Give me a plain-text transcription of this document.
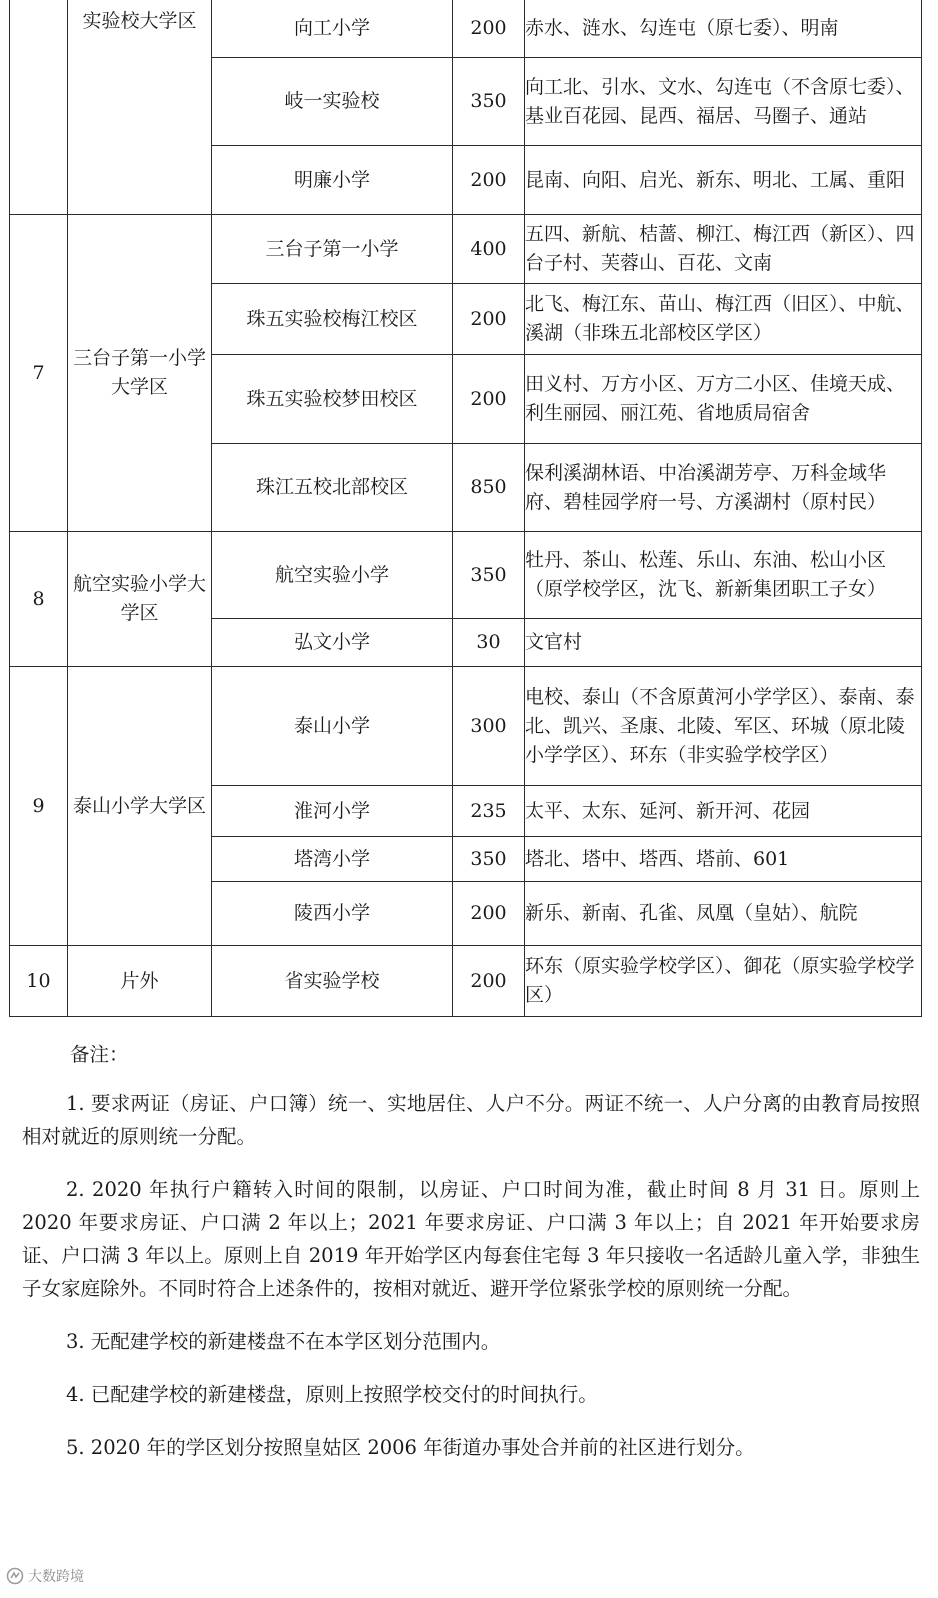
	实验校大学区	向工小学	200	赤水、涟水、勾连屯（原七委）、明南
		岐一实验校	350	向工北、引水、文水、勾连屯（不含原七委）、基业百花园、昆西、福居、马圈子、通站
		明廉小学	200	昆南、向阳、启光、新东、明北、工属、重阳
7	三台子第一小学大学区	三台子第一小学	400	五四、新航、桔蔷、柳江、梅江西（新区）、四台子村、芙蓉山、百花、文南
		珠五实验校梅江校区	200	北飞、梅江东、苗山、梅江西（旧区）、中航、溪湖（非珠五北部校区学区）
		珠五实验校梦田校区	200	田义村、万方小区、万方二小区、佳境天成、利生丽园、丽江苑、省地质局宿舍
		珠江五校北部校区	850	保利溪湖林语、中冶溪湖芳亭、万科金域华府、碧桂园学府一号、方溪湖村（原村民）
8	航空实验小学大学区	航空实验小学	350	牡丹、茶山、松莲、乐山、东油、松山小区（原学校学区，沈飞、新新集团职工子女）
		弘文小学	30	文官村
9	泰山小学大学区	泰山小学	300	电校、泰山（不含原黄河小学学区）、泰南、泰北、凯兴、圣康、北陵、军区、环城（原北陵小学学区）、环东（非实验学校学区）
		淮河小学	235	太平、太东、延河、新开河、花园
		塔湾小学	350	塔北、塔中、塔西、塔前、601
		陵西小学	200	新乐、新南、孔雀、凤凰（皇姑）、航院
10	片外	省实验学校	200	环东（原实验学校学区）、御花（原实验学校学区）

备注：

1. 要求两证（房证、户口簿）统一、实地居住、人户不分。两证不统一、人户分离的由教育局按照相对就近的原则统一分配。

2. 2020 年执行户籍转入时间的限制，以房证、户口时间为准，截止时间 8 月 31 日。原则上 2020 年要求房证、户口满 2 年以上；2021 年要求房证、户口满 3 年以上；自 2021 年开始要求房证、户口满 3 年以上。原则上自 2019 年开始学区内每套住宅每 3 年只接收一名适龄儿童入学，非独生子女家庭除外。不同时符合上述条件的，按相对就近、避开学位紧张学校的原则统一分配。

3. 无配建学校的新建楼盘不在本学区划分范围内。

4. 已配建学校的新建楼盘，原则上按照学校交付的时间执行。

5. 2020 年的学区划分按照皇姑区 2006 年街道办事处合并前的社区进行划分。

大数跨境
